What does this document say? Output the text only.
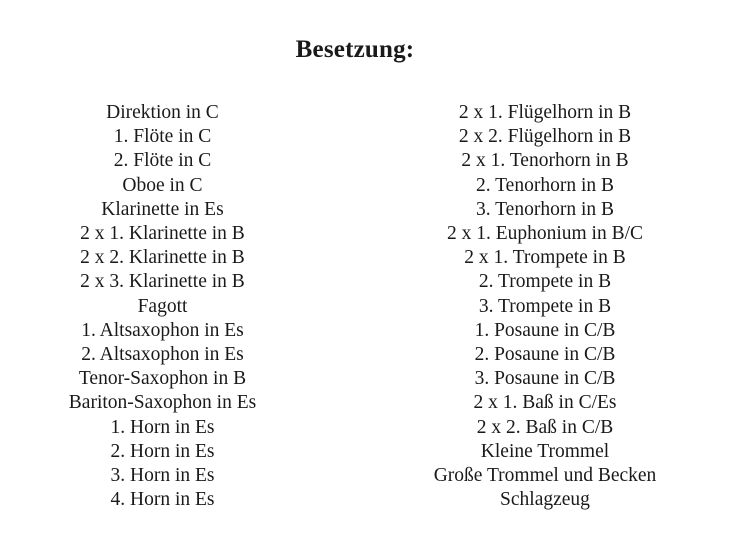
Besetzung:
Direktion in C
1. Flöte in C
2. Flöte in C
Oboe in C
Klarinette in Es
2 x 1. Klarinette in B
2 x 2. Klarinette in B
2 x 3. Klarinette in B
Fagott
1. Altsaxophon in Es
2. Altsaxophon in Es
Tenor-Saxophon in B
Bariton-Saxophon in Es
1. Horn in Es
2. Horn in Es
3. Horn in Es
4. Horn in Es
2 x 1. Flügelhorn in B
2 x 2. Flügelhorn in B
2 x 1. Tenorhorn in B
2. Tenorhorn in B
3. Tenorhorn in B
2 x 1. Euphonium in B/C
2 x 1. Trompete in B
2. Trompete in B
3. Trompete in B
1. Posaune in C/B
2. Posaune in C/B
3. Posaune in C/B
2 x 1. Baß in C/Es
2 x 2. Baß in C/B
Kleine Trommel
Große Trommel und Becken
Schlagzeug
